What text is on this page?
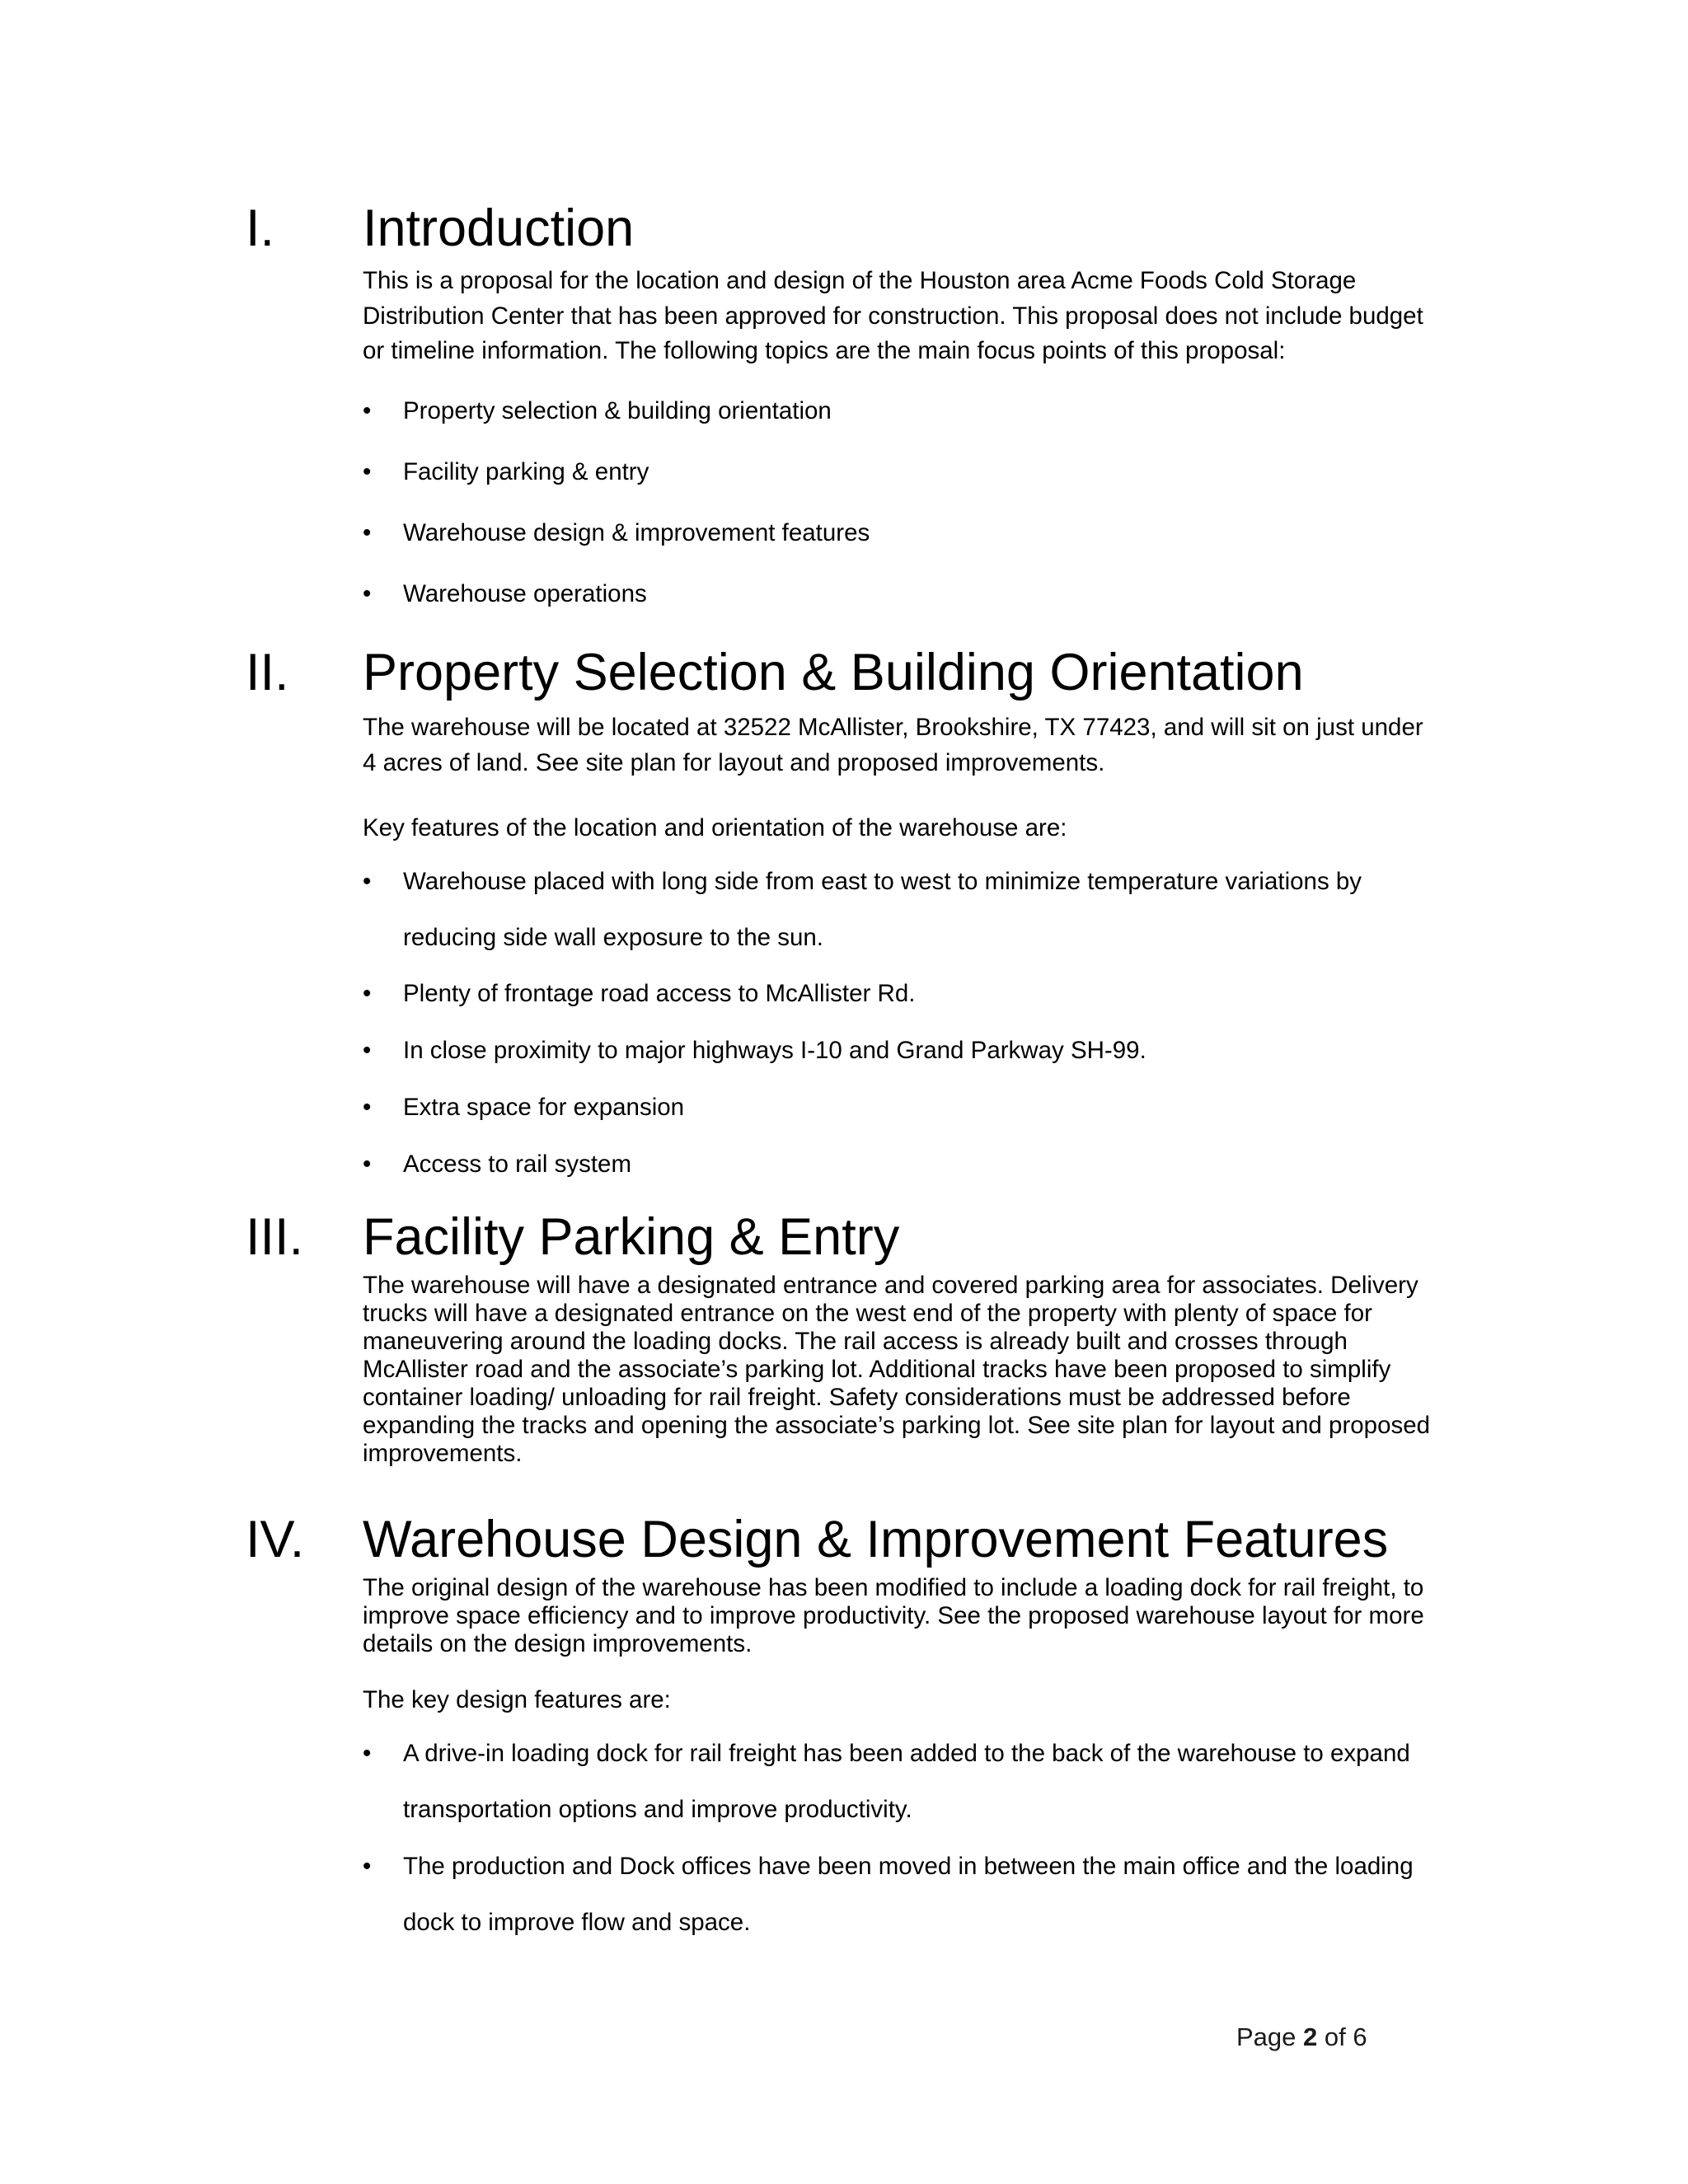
I. Introduction

This is a proposal for the location and design of the Houston area Acme Foods Cold Storage Distribution Center that has been approved for construction. This proposal does not include budget or timeline information. The following topics are the main focus points of this proposal:

• Property selection & building orientation
• Facility parking & entry
• Warehouse design & improvement features
• Warehouse operations
II. Property Selection & Building Orientation

The warehouse will be located at 32522 McAllister, Brookshire, TX 77423, and will sit on just under 4 acres of land. See site plan for layout and proposed improvements.

Key features of the location and orientation of the warehouse are:

• Warehouse placed with long side from east to west to minimize temperature variations by reducing side wall exposure to the sun.
• Plenty of frontage road access to McAllister Rd.
• In close proximity to major highways I-10 and Grand Parkway SH-99.
• Extra space for expansion
• Access to rail system
III. Facility Parking & Entry

The warehouse will have a designated entrance and covered parking area for associates. Delivery trucks will have a designated entrance on the west end of the property with plenty of space for maneuvering around the loading docks. The rail access is already built and crosses through McAllister road and the associate’s parking lot. Additional tracks have been proposed to simplify container loading/ unloading for rail freight. Safety considerations must be addressed before expanding the tracks and opening the associate’s parking lot. See site plan for layout and proposed improvements.

IV. Warehouse Design & Improvement Features

The original design of the warehouse has been modified to include a loading dock for rail freight, to improve space efficiency and to improve productivity. See the proposed warehouse layout for more details on the design improvements.

The key design features are:

• A drive-in loading dock for rail freight has been added to the back of the warehouse to expand transportation options and improve productivity.
• The production and Dock offices have been moved in between the main office and the loading dock to improve flow and space.
Page 2 of 6
